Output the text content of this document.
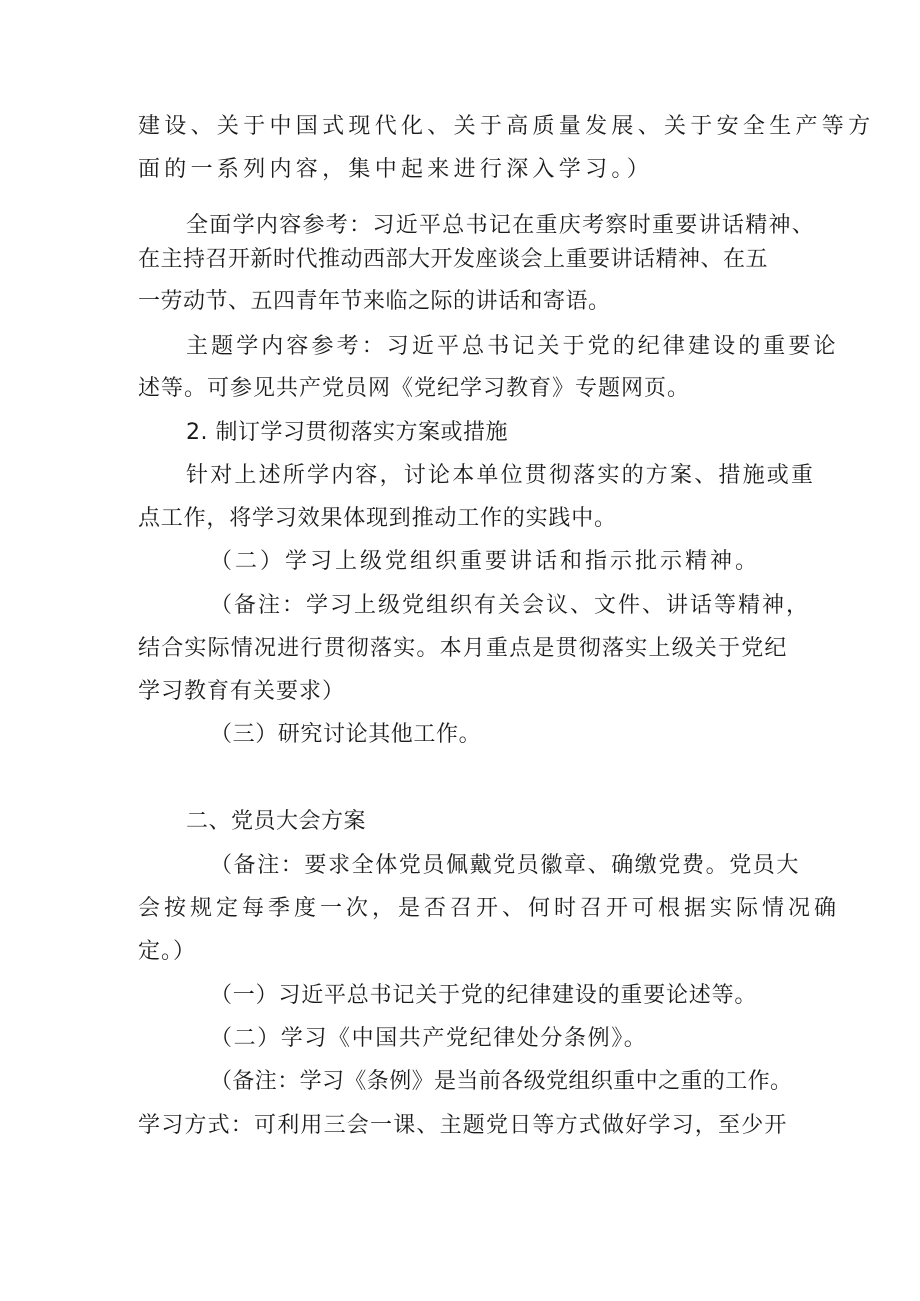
建设、关于中国式现代化、关于高质量发展、关于安全生产等方
面的一系列内容，集中起来进行深入学习。）
全面学内容参考：习近平总书记在重庆考察时重要讲话精神、
在主持召开新时代推动西部大开发座谈会上重要讲话精神、在五
一劳动节、五四青年节来临之际的讲话和寄语。
主题学内容参考：习近平总书记关于党的纪律建设的重要论
述等。可参见共产党员网《党纪学习教育》专题网页。
2. 制订学习贯彻落实方案或措施
针对上述所学内容，讨论本单位贯彻落实的方案、措施或重
点工作，将学习效果体现到推动工作的实践中。
（二）学习上级党组织重要讲话和指示批示精神。
（备注：学习上级党组织有关会议、文件、讲话等精神，
结合实际情况进行贯彻落实。本月重点是贯彻落实上级关于党纪
学习教育有关要求）
（三）研究讨论其他工作。
二、党员大会方案
（备注：要求全体党员佩戴党员徽章、确缴党费。党员大
会按规定每季度一次，是否召开、何时召开可根据实际情况确
定。）
（一）习近平总书记关于党的纪律建设的重要论述等。
（二）学习《中国共产党纪律处分条例》。
（备注：学习《条例》是当前各级党组织重中之重的工作。
学习方式：可利用三会一课、主题党日等方式做好学习，至少开
